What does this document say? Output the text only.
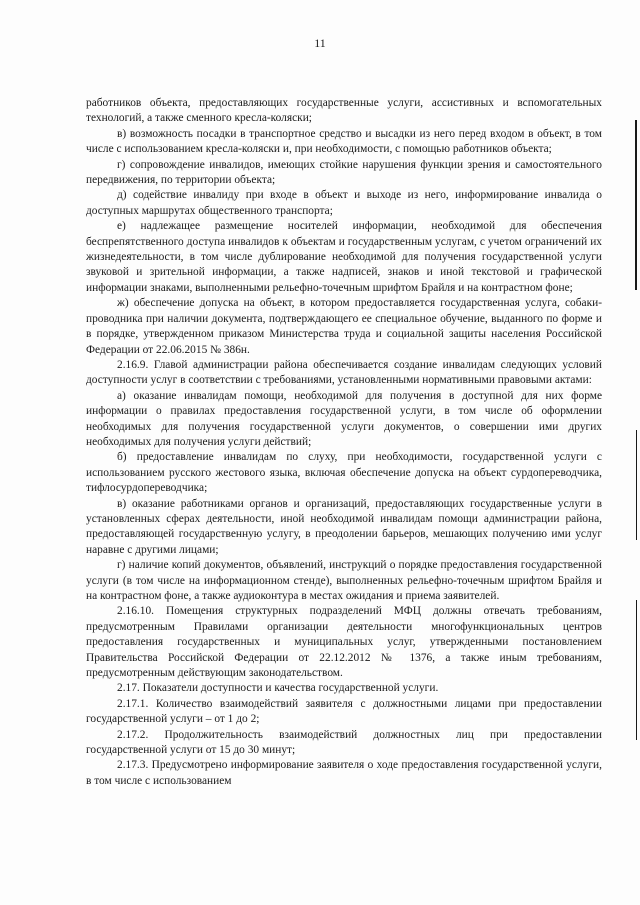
11

работников объекта, предоставляющих государственные услуги, ассистивных и вспомогательных технологий, а также сменного кресла-коляски;

в) возможность посадки в транспортное средство и высадки из него перед входом в объект, в том числе с использованием кресла-коляски и, при необходимости, с помощью работников объекта;

г) сопровождение инвалидов, имеющих стойкие нарушения функции зрения и самостоятельного передвижения, по территории объекта;

д) содействие инвалиду при входе в объект и выходе из него, информирование инвалида о доступных маршрутах общественного транспорта;

е) надлежащее размещение носителей информации, необходимой для обеспечения беспрепятственного доступа инвалидов к объектам и государственным услугам, с учетом ограничений их жизнедеятельности, в том числе дублирование необходимой для получения государственной услуги звуковой и зрительной информации, а также надписей, знаков и иной текстовой и графической информации знаками, выполненными рельефно-точечным шрифтом Брайля и на контрастном фоне;

ж) обеспечение допуска на объект, в котором предоставляется государственная услуга, собаки-проводника при наличии документа, подтверждающего ее специальное обучение, выданного по форме и в порядке, утвержденном приказом Министерства труда и социальной защиты населения Российской Федерации от 22.06.2015 № 386н.

2.16.9. Главой администрации района обеспечивается создание инвалидам следующих условий доступности услуг в соответствии с требованиями, установленными нормативными правовыми актами:

а) оказание инвалидам помощи, необходимой для получения в доступной для них форме информации о правилах предоставления государственной услуги, в том числе об оформлении необходимых для получения государственной услуги документов, о совершении ими других необходимых для получения услуги действий;

б) предоставление инвалидам по слуху, при необходимости, государственной услуги с использованием русского жестового языка, включая обеспечение допуска на объект сурдопереводчика, тифлосурдопереводчика;

в) оказание работниками органов и организаций, предоставляющих государственные услуги в установленных сферах деятельности, иной необходимой инвалидам помощи администрации района, предоставляющей государственную услугу, в преодолении барьеров, мешающих получению ими услуг наравне с другими лицами;

г) наличие копий документов, объявлений, инструкций о порядке предоставления государственной услуги (в том числе на информационном стенде), выполненных рельефно-точечным шрифтом Брайля и на контрастном фоне, а также аудиоконтура в местах ожидания и приема заявителей.

2.16.10. Помещения структурных подразделений МФЦ должны отвечать требованиям, предусмотренным Правилами организации деятельности многофункциональных центров предоставления государственных и муниципальных услуг, утвержденными постановлением Правительства Российской Федерации от 22.12.2012 № 1376, а также иным требованиям, предусмотренным действующим законодательством.

2.17. Показатели доступности и качества государственной услуги.

2.17.1. Количество взаимодействий заявителя с должностными лицами при предоставлении государственной услуги – от 1 до 2;

2.17.2. Продолжительность взаимодействий должностных лиц при предоставлении государственной услуги от 15 до 30 минут;

2.17.3. Предусмотрено информирование заявителя о ходе предоставления государственной услуги, в том числе с использованием
